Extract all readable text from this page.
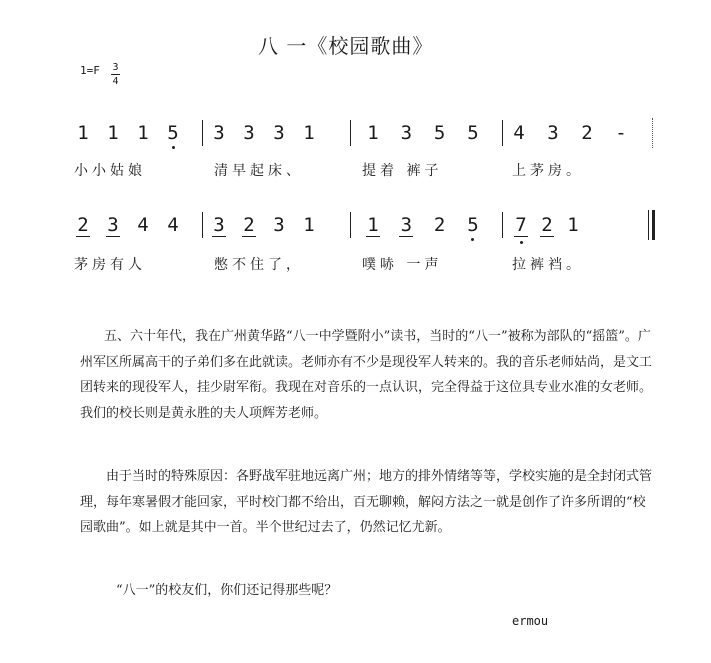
八 一《校园歌曲》
1=F 3
4
1 1 1 5 3 3 3 1	1 3 5 5 4 3 2 -
小小姑娘	清早起床、	提着 裤子	上茅房。
2 3 4 4 3 2 3 1	1 3 2 5 7 2 1
茅房有人	憋不住了，	噗哧 一声	拉裤裆。
五、六十年代，我在广州黄华路“八一中学暨附小”读书，当时的“八一”被称为部队的“摇篮”。广州军区所属高干的子弟们多在此就读。老师亦有不少是现役军人转来的。我的音乐老师姑尚，是文工团转来的现役军人，挂少尉军衔。我现在对音乐的一点认识，完全得益于这位具专业水准的女老师。我们的校长则是黄永胜的夫人项辉芳老师。
由于当时的特殊原因：各野战军驻地远离广州；地方的排外情绪等等，学校实施的是全封闭式管理，每年寒暑假才能回家，平时校门都不给出，百无聊赖，解闷方法之一就是创作了许多所谓的“校园歌曲”。如上就是其中一首。半个世纪过去了，仍然记忆尤新。
“八一”的校友们，你们还记得那些呢？
ermou
